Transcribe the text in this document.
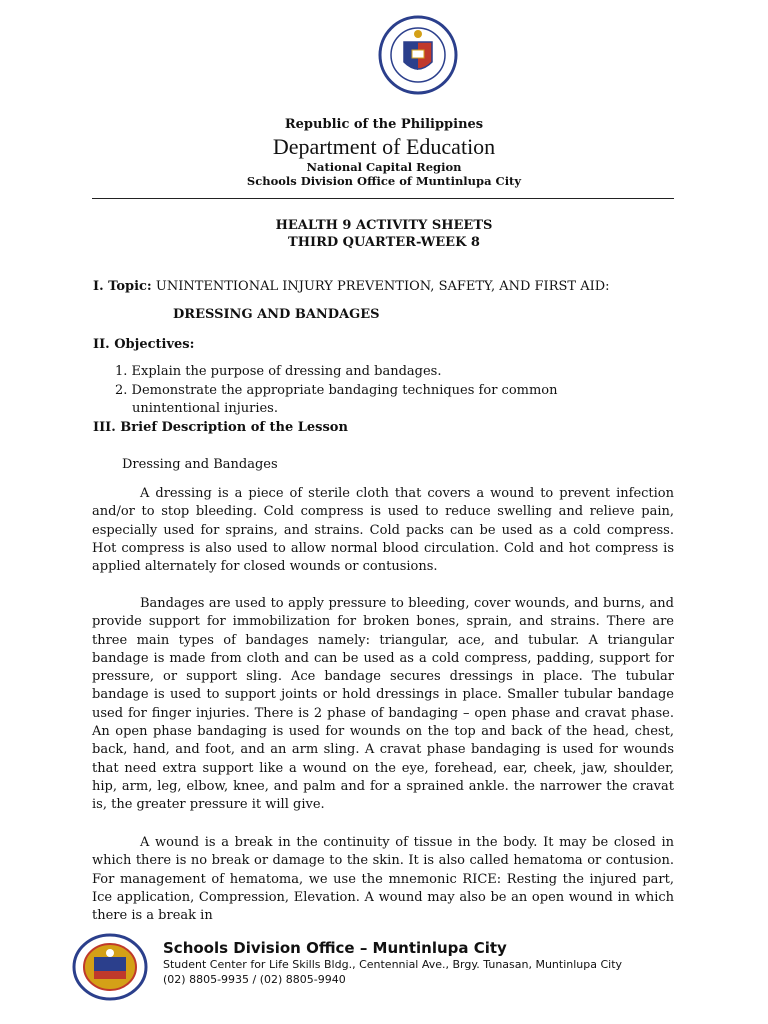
Republic of the Philippines
Department of Education
National Capital Region
Schools Division Office of Muntinlupa City
HEALTH 9 ACTIVITY SHEETS
THIRD QUARTER-WEEK 8
I. Topic: UNINTENTIONAL INJURY PREVENTION, SAFETY, AND FIRST AID:
DRESSING AND BANDAGES
II. Objectives:
1. Explain the purpose of dressing and bandages.
2. Demonstrate the appropriate bandaging techniques for common
unintentional injuries.
III. Brief Description of the Lesson
Dressing and Bandages

A dressing is a piece of sterile cloth that covers a wound to prevent infection and/or to stop bleeding. Cold compress is used to reduce swelling and relieve pain, especially used for sprains, and strains. Cold packs can be used as a cold compress. Hot compress is also used to allow normal blood circulation. Cold and hot compress is applied alternately for closed wounds or contusions.

Bandages are used to apply pressure to bleeding, cover wounds, and burns, and provide support for immobilization for broken bones, sprain, and strains. There are three main types of bandages namely: triangular, ace, and tubular. A triangular bandage is made from cloth and can be used as a cold compress, padding, support for pressure, or support sling. Ace bandage secures dressings in place. The tubular bandage is used to support joints or hold dressings in place. Smaller tubular bandage used for finger injuries. There is 2 phase of bandaging – open phase and cravat phase. An open phase bandaging is used for wounds on the top and back of the head, chest, back, hand, and foot, and an arm sling. A cravat phase bandaging is used for wounds that need extra support like a wound on the eye, forehead, ear, cheek, jaw, shoulder, hip, arm, leg, elbow, knee, and palm and for a sprained ankle. the narrower the cravat is, the greater pressure it will give.

A wound is a break in the continuity of tissue in the body. It may be closed in which there is no break or damage to the skin. It is also called hematoma or contusion. For management of hematoma, we use the mnemonic RICE: Resting the injured part, Ice application, Compression, Elevation. A wound may also be an open wound in which there is a break in

Schools Division Office – Muntinlupa City
Student Center for Life Skills Bldg., Centennial Ave., Brgy. Tunasan, Muntinlupa City
(02) 8805-9935 / (02) 8805-9940
